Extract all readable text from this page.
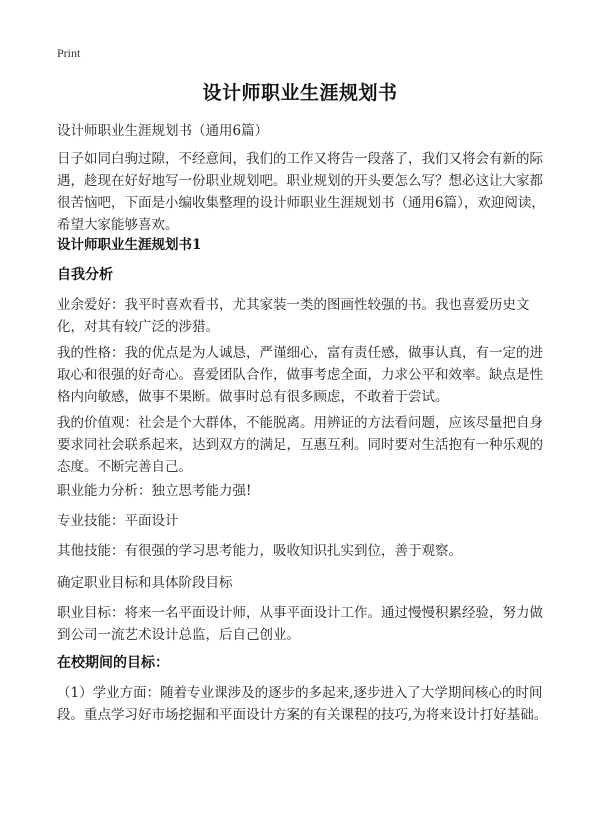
Print
设计师职业生涯规划书
设计师职业生涯规划书（通用6篇）
日子如同白驹过隙，不经意间，我们的工作又将告一段落了，我们又将会有新的际遇，趁现在好好地写一份职业规划吧。职业规划的开头要怎么写？想必这让大家都很苦恼吧，下面是小编收集整理的设计师职业生涯规划书（通用6篇），欢迎阅读，希望大家能够喜欢。
设计师职业生涯规划书1
自我分析
业余爱好：我平时喜欢看书，尤其家装一类的图画性较强的书。我也喜爱历史文化，对其有较广泛的涉猎。
我的性格：我的优点是为人诚恳，严谨细心，富有责任感，做事认真，有一定的进取心和很强的好奇心。喜爱团队合作，做事考虑全面，力求公平和效率。缺点是性格内向敏感，做事不果断。做事时总有很多顾虑，不敢着于尝试。
我的价值观：社会是个大群体，不能脱离。用辨证的方法看问题，应该尽量把自身要求同社会联系起来，达到双方的满足，互惠互利。同时要对生活抱有一种乐观的态度。不断完善自己。
职业能力分析：独立思考能力强!
专业技能：平面设计
其他技能：有很强的学习思考能力，吸收知识扎实到位，善于观察。
确定职业目标和具体阶段目标
职业目标：将来一名平面设计师，从事平面设计工作。通过慢慢积累经验，努力做到公司一流艺术设计总监，后自己创业。
在校期间的目标：
（1）学业方面：随着专业课涉及的逐步的多起来,逐步进入了大学期间核心的时间段。重点学习好市场挖掘和平面设计方案的有关课程的技巧,为将来设计打好基础。
